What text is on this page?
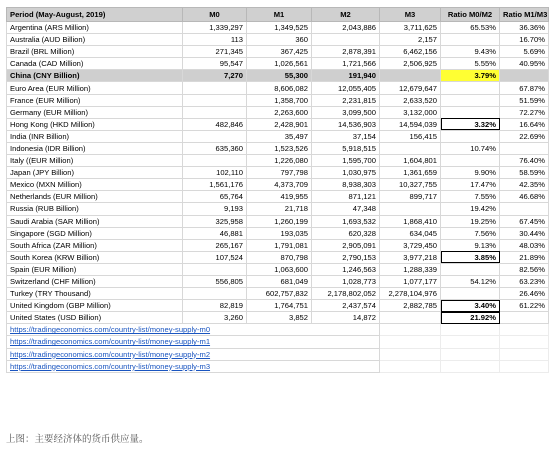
Period (May-August, 2019)	M0	M1	M2	M3	Ratio M0/M2	Ratio M1/M3
Argentina (ARS Million)	1,339,297	1,349,525	2,043,886	3,711,625	65.53%	36.36%
Australia (AUD Billion)	113	360		2,157		16.70%
Brazil (BRL Million)	271,345	367,425	2,878,391	6,462,156	9.43%	5.69%
Canada (CAD Million)	95,547	1,026,561	1,721,566	2,506,925	5.55%	40.95%
China (CNY Billion)	7,270	55,300	191,940		3.79%	
Euro Area (EUR Million)		8,606,082	12,055,405	12,679,647		67.87%
France (EUR Million)		1,358,700	2,231,815	2,633,520		51.59%
Germany (EUR Million)		2,263,600	3,099,500	3,132,000		72.27%
Hong Kong (HKD Million)	482,846	2,428,901	14,536,903	14,594,039	3.32%	16.64%
India (INR Billion)		35,497	37,154	156,415		22.69%
Indonesia (IDR Billion)	635,360	1,523,526	5,918,515		10.74%	
Italy ((EUR Million)		1,226,080	1,595,700	1,604,801		76.40%
Japan (JPY Billion)	102,110	797,798	1,030,975	1,361,659	9.90%	58.59%
Mexico (MXN Million)	1,561,176	4,373,709	8,938,303	10,327,755	17.47%	42.35%
Netherlands (EUR Million)	65,764	419,955	871,121	899,717	7.55%	46.68%
Russia (RUB Billion)	9,193	21,718	47,348		19.42%	
Saudi Arabia (SAR Million)	325,958	1,260,199	1,693,532	1,868,410	19.25%	67.45%
Singapore (SGD Million)	46,881	193,035	620,328	634,045	7.56%	30.44%
South Africa (ZAR Million)	265,167	1,791,081	2,905,091	3,729,450	9.13%	48.03%
South Korea (KRW Billion)	107,524	870,798	2,790,153	3,977,218	3.85%	21.89%
Spain (EUR Million)		1,063,600	1,246,563	1,288,339		82.56%
Switzerland (CHF Million)	556,805	681,049	1,028,773	1,077,177	54.12%	63.23%
Turkey (TRY Thousand)		602,757,832	2,178,802,052	2,278,104,976		26.46%
United Kingdom (GBP Million)	82,819	1,764,751	2,437,574	2,882,785	3.40%	61.22%
United States (USD Billion)	3,260	3,852	14,872		21.92%	
https://tradingeconomics.com/country-list/money-supply-m0						
https://tradingeconomics.com/country-list/money-supply-m1						
https://tradingeconomics.com/country-list/money-supply-m2						
https://tradingeconomics.com/country-list/money-supply-m3						
上图：主要经济体的货币供应量。
